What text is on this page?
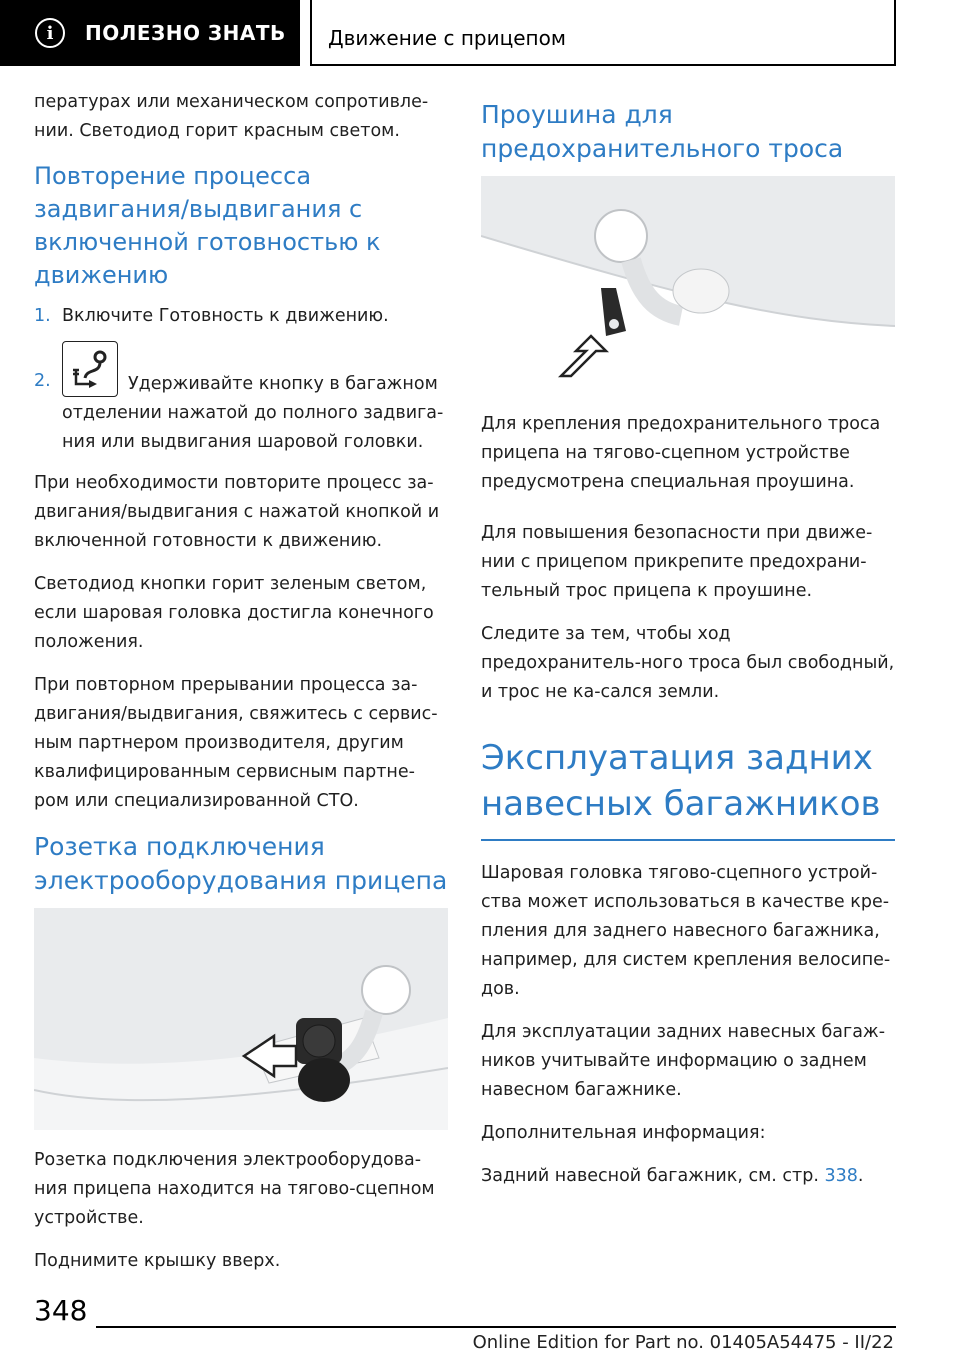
i	ПОЛЕЗНО ЗНАТЬ Движение с прицепом

пературах или механическом сопротивле-нии. Светодиод горит красным светом.

Повторение процесса задвигания/выдвигания с включенной готовностью к движению
1. Включите Готовность к движению.
2.	Удерживайте кнопку в багажном отделении нажатой до полного задвига-ния или выдвигания шаровой головки.

При необходимости повторите процесс за-двигания/выдвигания с нажатой кнопкой и включенной готовности к движению.

Светодиод кнопки горит зеленым светом, если шаровая головка достигла конечного положения.

При повторном прерывании процесса за-двигания/выдвигания, свяжитесь с сервис-ным партнером производителя, другим квалифицированным сервисным партне-ром или специализированной СТО.

Розетка подключения электрооборудования прицепа

Розетка подключения электрооборудова-ния прицепа находится на тягово-сцепном устройстве.

Поднимите крышку вверх.

Проушина для предохранительного троса

Для крепления предохранительного троса прицепа на тягово-сцепном устройстве предусмотрена специальная проушина.

Для повышения безопасности при движе-нии с прицепом прикрепите предохрани-тельный трос прицепа к проушине.

Следите за тем, чтобы ход предохранитель-ного троса был свободный, и трос не ка-сался земли.

Эксплуатация задних навесных багажников

Шаровая головка тягово-сцепного устрой-ства может использоваться в качестве кре-пления для заднего навесного багажника, например, для систем крепления велосипе-дов.

Для эксплуатации задних навесных багаж-ников учитывайте информацию о заднем навесном багажнике.

Дополнительная информация:

Задний навесной багажник, см. стр. 338.

348
Online Edition for Part no. 01405A54475 - II/22
